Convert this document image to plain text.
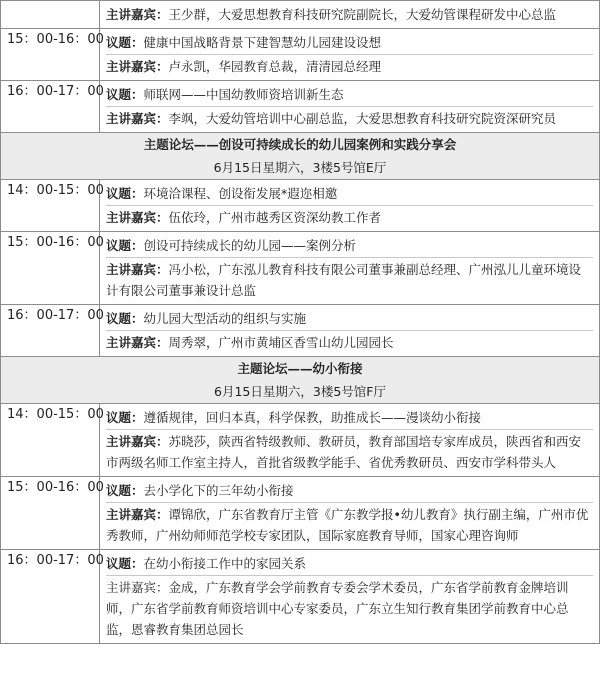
	主讲嘉宾：王少群，大爱思想教育科技研究院副院长，大爱幼管课程研发中心总监

15：00-16：00	议题：健康中国战略背景下建智慧幼儿园建设设想
主讲嘉宾：卢永凯，华园教育总裁，清清园总经理

16：00-17：00	议题：师联网——中国幼教师资培训新生态
主讲嘉宾：李飒，大爱幼管培训中心副总监，大爱思想教育科技研究院资深研究员

主题论坛——创设可持续成长的幼儿园案例和实践分享会	
6月15日星期六，3楼5号馆E厅	
14：00-15：00	议题：环境洽课程、创设衔发展*遐迩相邀
主讲嘉宾：伍依玲，广州市越秀区资深幼教工作者

15：00-16：00	议题：创设可持续成长的幼儿园——案例分析
主讲嘉宾：冯小松，广东泓儿教育科技有限公司董事兼副总经理、广州泓儿儿童环境设计有限公司董事兼设计总监

16：00-17：00	议题：幼儿园大型活动的组织与实施
主讲嘉宾：周秀翠，广州市黄埔区香雪山幼儿园园长

主题论坛——幼小衔接	
6月15日星期六，3楼5号馆F厅	
14：00-15：00	议题：遵循规律，回归本真，科学保教，助推成长——漫谈幼小衔接
主讲嘉宾：苏晓莎，陕西省特级教师、教研员，教育部国培专家库成员，陕西省和西安市两级名师工作室主持人，首批省级教学能手、省优秀教研员、西安市学科带头人

15：00-16：00	议题：去小学化下的三年幼小衔接
主讲嘉宾：谭锦欣，广东省教育厅主管《广东教学报•幼儿教育》执行副主编，广州市优秀教师，广州幼师师范学校专家团队，国际家庭教育导师，国家心理咨询师

16：00-17：00	议题：在幼小衔接工作中的家园关系
主讲嘉宾：金成，广东教育学会学前教育专委会学术委员，广东省学前教育金牌培训师，广东省学前教育师资培训中心专家委员，广东立生知行教育集团学前教育中心总监，恩睿教育集团总园长
